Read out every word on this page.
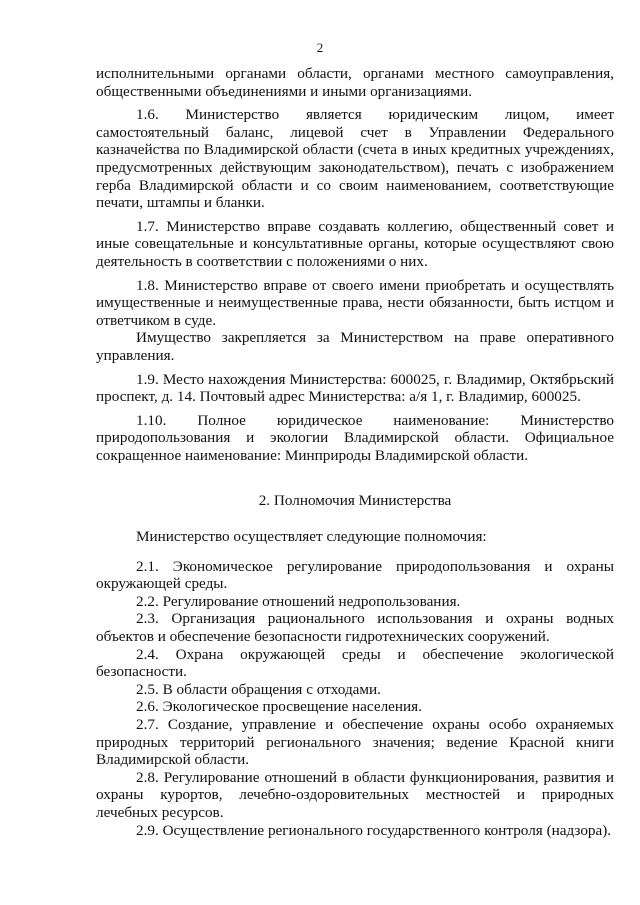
2

исполнительными органами области, органами местного самоуправления, общественными объединениями и иными организациями.

1.6. Министерство является юридическим лицом, имеет самостоятельный баланс, лицевой счет в Управлении Федерального казначейства по Владимирской области (счета в иных кредитных учреждениях, предусмотренных действующим законодательством), печать с изображением герба Владимирской области и со своим наименованием, соответствующие печати, штампы и бланки.

1.7. Министерство вправе создавать коллегию, общественный совет и иные совещательные и консультативные органы, которые осуществляют свою деятельность в соответствии с положениями о них.

1.8. Министерство вправе от своего имени приобретать и осуществлять имущественные и неимущественные права, нести обязанности, быть истцом и ответчиком в суде.

Имущество закрепляется за Министерством на праве оперативного управления.

1.9. Место нахождения Министерства: 600025, г. Владимир, Октябрьский проспект, д. 14. Почтовый адрес Министерства: а/я 1, г. Владимир, 600025.

1.10. Полное юридическое наименование: Министерство природопользования и экологии Владимирской области. Официальное сокращенное наименование: Минприроды Владимирской области.

2. Полномочия Министерства

Министерство осуществляет следующие полномочия:

2.1. Экономическое регулирование природопользования и охраны окружающей среды.

2.2. Регулирование отношений недропользования.

2.3. Организация рационального использования и охраны водных объектов и обеспечение безопасности гидротехнических сооружений.

2.4. Охрана окружающей среды и обеспечение экологической безопасности.

2.5. В области обращения с отходами.

2.6. Экологическое просвещение населения.

2.7. Создание, управление и обеспечение охраны особо охраняемых природных территорий регионального значения; ведение Красной книги Владимирской области.

2.8. Регулирование отношений в области функционирования, развития и охраны курортов, лечебно-оздоровительных местностей и природных лечебных ресурсов.

2.9. Осуществление регионального государственного контроля (надзора).
